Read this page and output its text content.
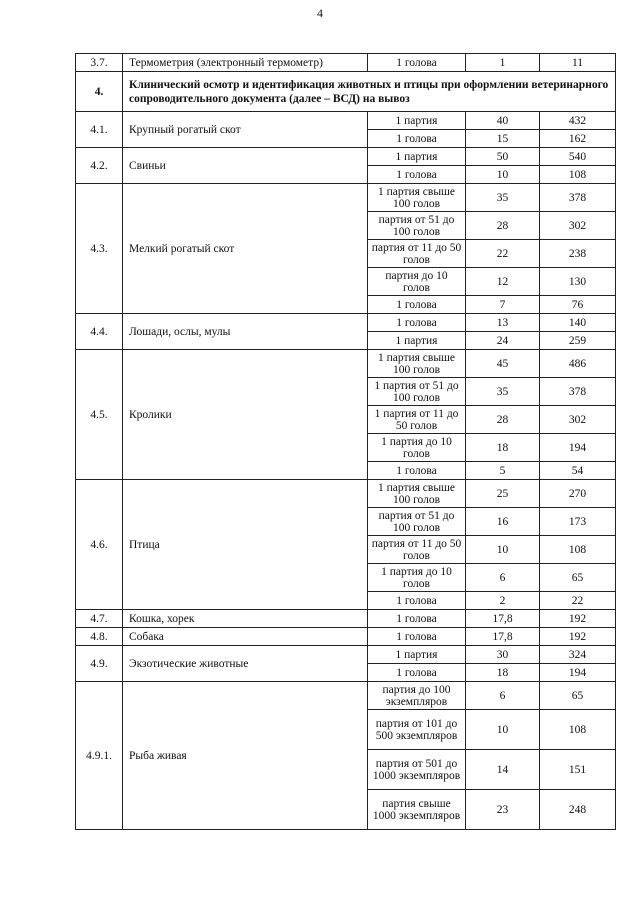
4
3.7.	Термометрия (электронный термометр)	1 голова	1	11
4.	Клинический осмотр и идентификация животных и птицы при оформлении ветеринарного сопроводительного документа (далее – ВСД) на вывоз			
4.1.	Крупный рогатый скот	1 партия	40	432
		1 голова	15	162
4.2.	Свиньи	1 партия	50	540
		1 голова	10	108
4.3.	Мелкий рогатый скот	1 партия свыше 100 голов	35	378
		партия от 51 до 100 голов	28	302
		партия от 11 до 50 голов	22	238
		партия до 10 голов	12	130
		1 голова	7	76
4.4.	Лошади, ослы, мулы	1 голова	13	140
		1 партия	24	259
4.5.	Кролики	1 партия свыше 100 голов	45	486
		1 партия от 51 до 100 голов	35	378
		1 партия от 11 до 50 голов	28	302
		1 партия до 10 голов	18	194
		1 голова	5	54
4.6.	Птица	1 партия свыше 100 голов	25	270
		партия от 51 до 100 голов	16	173
		партия от 11 до 50 голов	10	108
		1 партия до 10 голов	6	65
		1 голова	2	22
4.7.	Кошка, хорек	1 голова	17,8	192
4.8.	Собака	1 голова	17,8	192
4.9.	Экзотические животные	1 партия	30	324
		1 голова	18	194
4.9.1.	Рыба живая	партия до 100 экземпляров	6	65
		партия от 101 до 500 экземпляров	10	108
		партия от 501 до 1000 экземпляров	14	151
		партия свыше 1000 экземпляров	23	248
